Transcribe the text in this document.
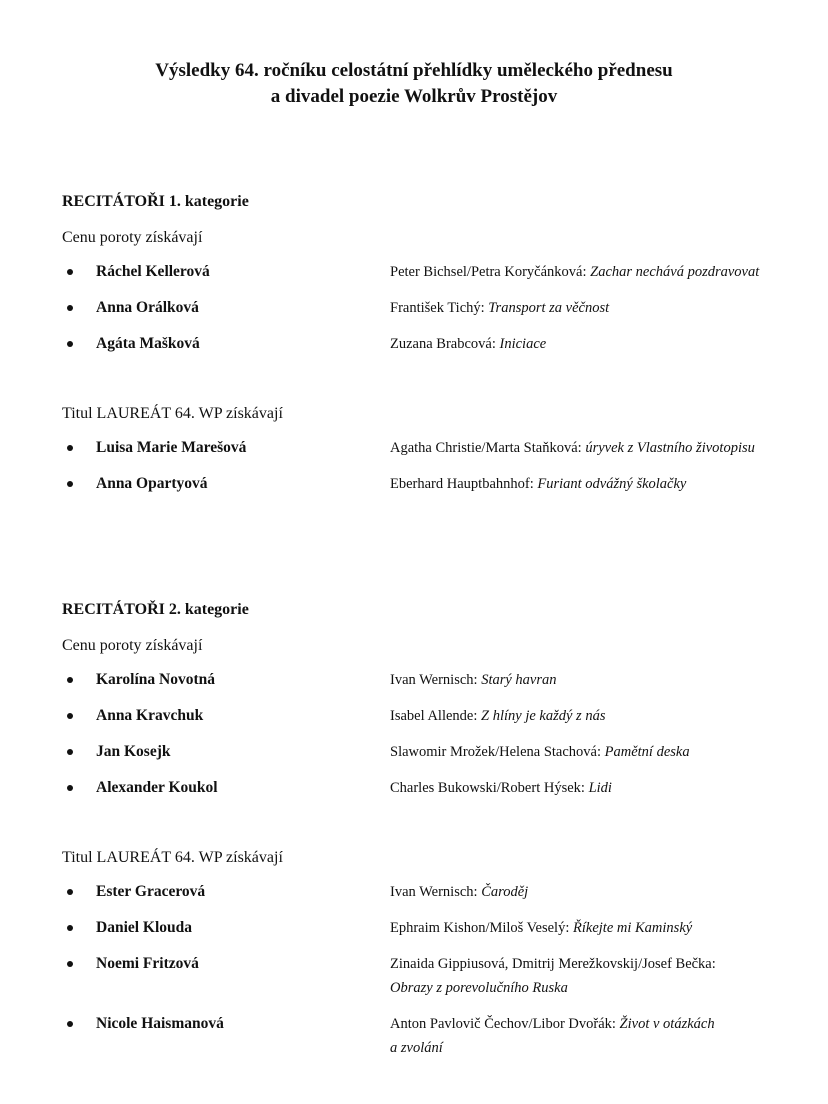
Výsledky 64. ročníku celostátní přehlídky uměleckého přednesu
a divadel poezie Wolkrův Prostějov
RECITÁTOŘI 1. kategorie
Cenu poroty získávají
Ráchel Kellerová	Peter Bichsel/Petra Koryčánková: Zachar nechává pozdravovat
Anna Orálková	František Tichý: Transport za věčnost
Agáta Mašková	Zuzana Brabcová: Iniciace
Titul LAUREÁT 64. WP získávají
Luisa Marie Marešová	Agatha Christie/Marta Staňková: úryvek z Vlastního životopisu
Anna Opartyová	Eberhard Hauptbahnhof: Furiant odvážný školačky
RECITÁTOŘI 2. kategorie
Cenu poroty získávají
Karolína Novotná	Ivan Wernisch: Starý havran
Anna Kravchuk	Isabel Allende: Z hlíny je každý z nás
Jan Kosejk	Slawomir Mrožek/Helena Stachová: Pamětní deska
Alexander Koukol	Charles Bukowski/Robert Hýsek: Lidi
Titul LAUREÁT 64. WP získávají
Ester Gracerová	Ivan Wernisch: Čaroděj
Daniel Klouda	Ephraim Kishon/Miloš Veselý: Říkejte mi Kaminský
Noemi Fritzová	Zinaida Gippiusová, Dmitrij Merežkovskij/Josef Bečka: Obrazy z porevolučního Ruska
Nicole Haismanová	Anton Pavlovič Čechov/Libor Dvořák: Život v otázkách a zvolání
